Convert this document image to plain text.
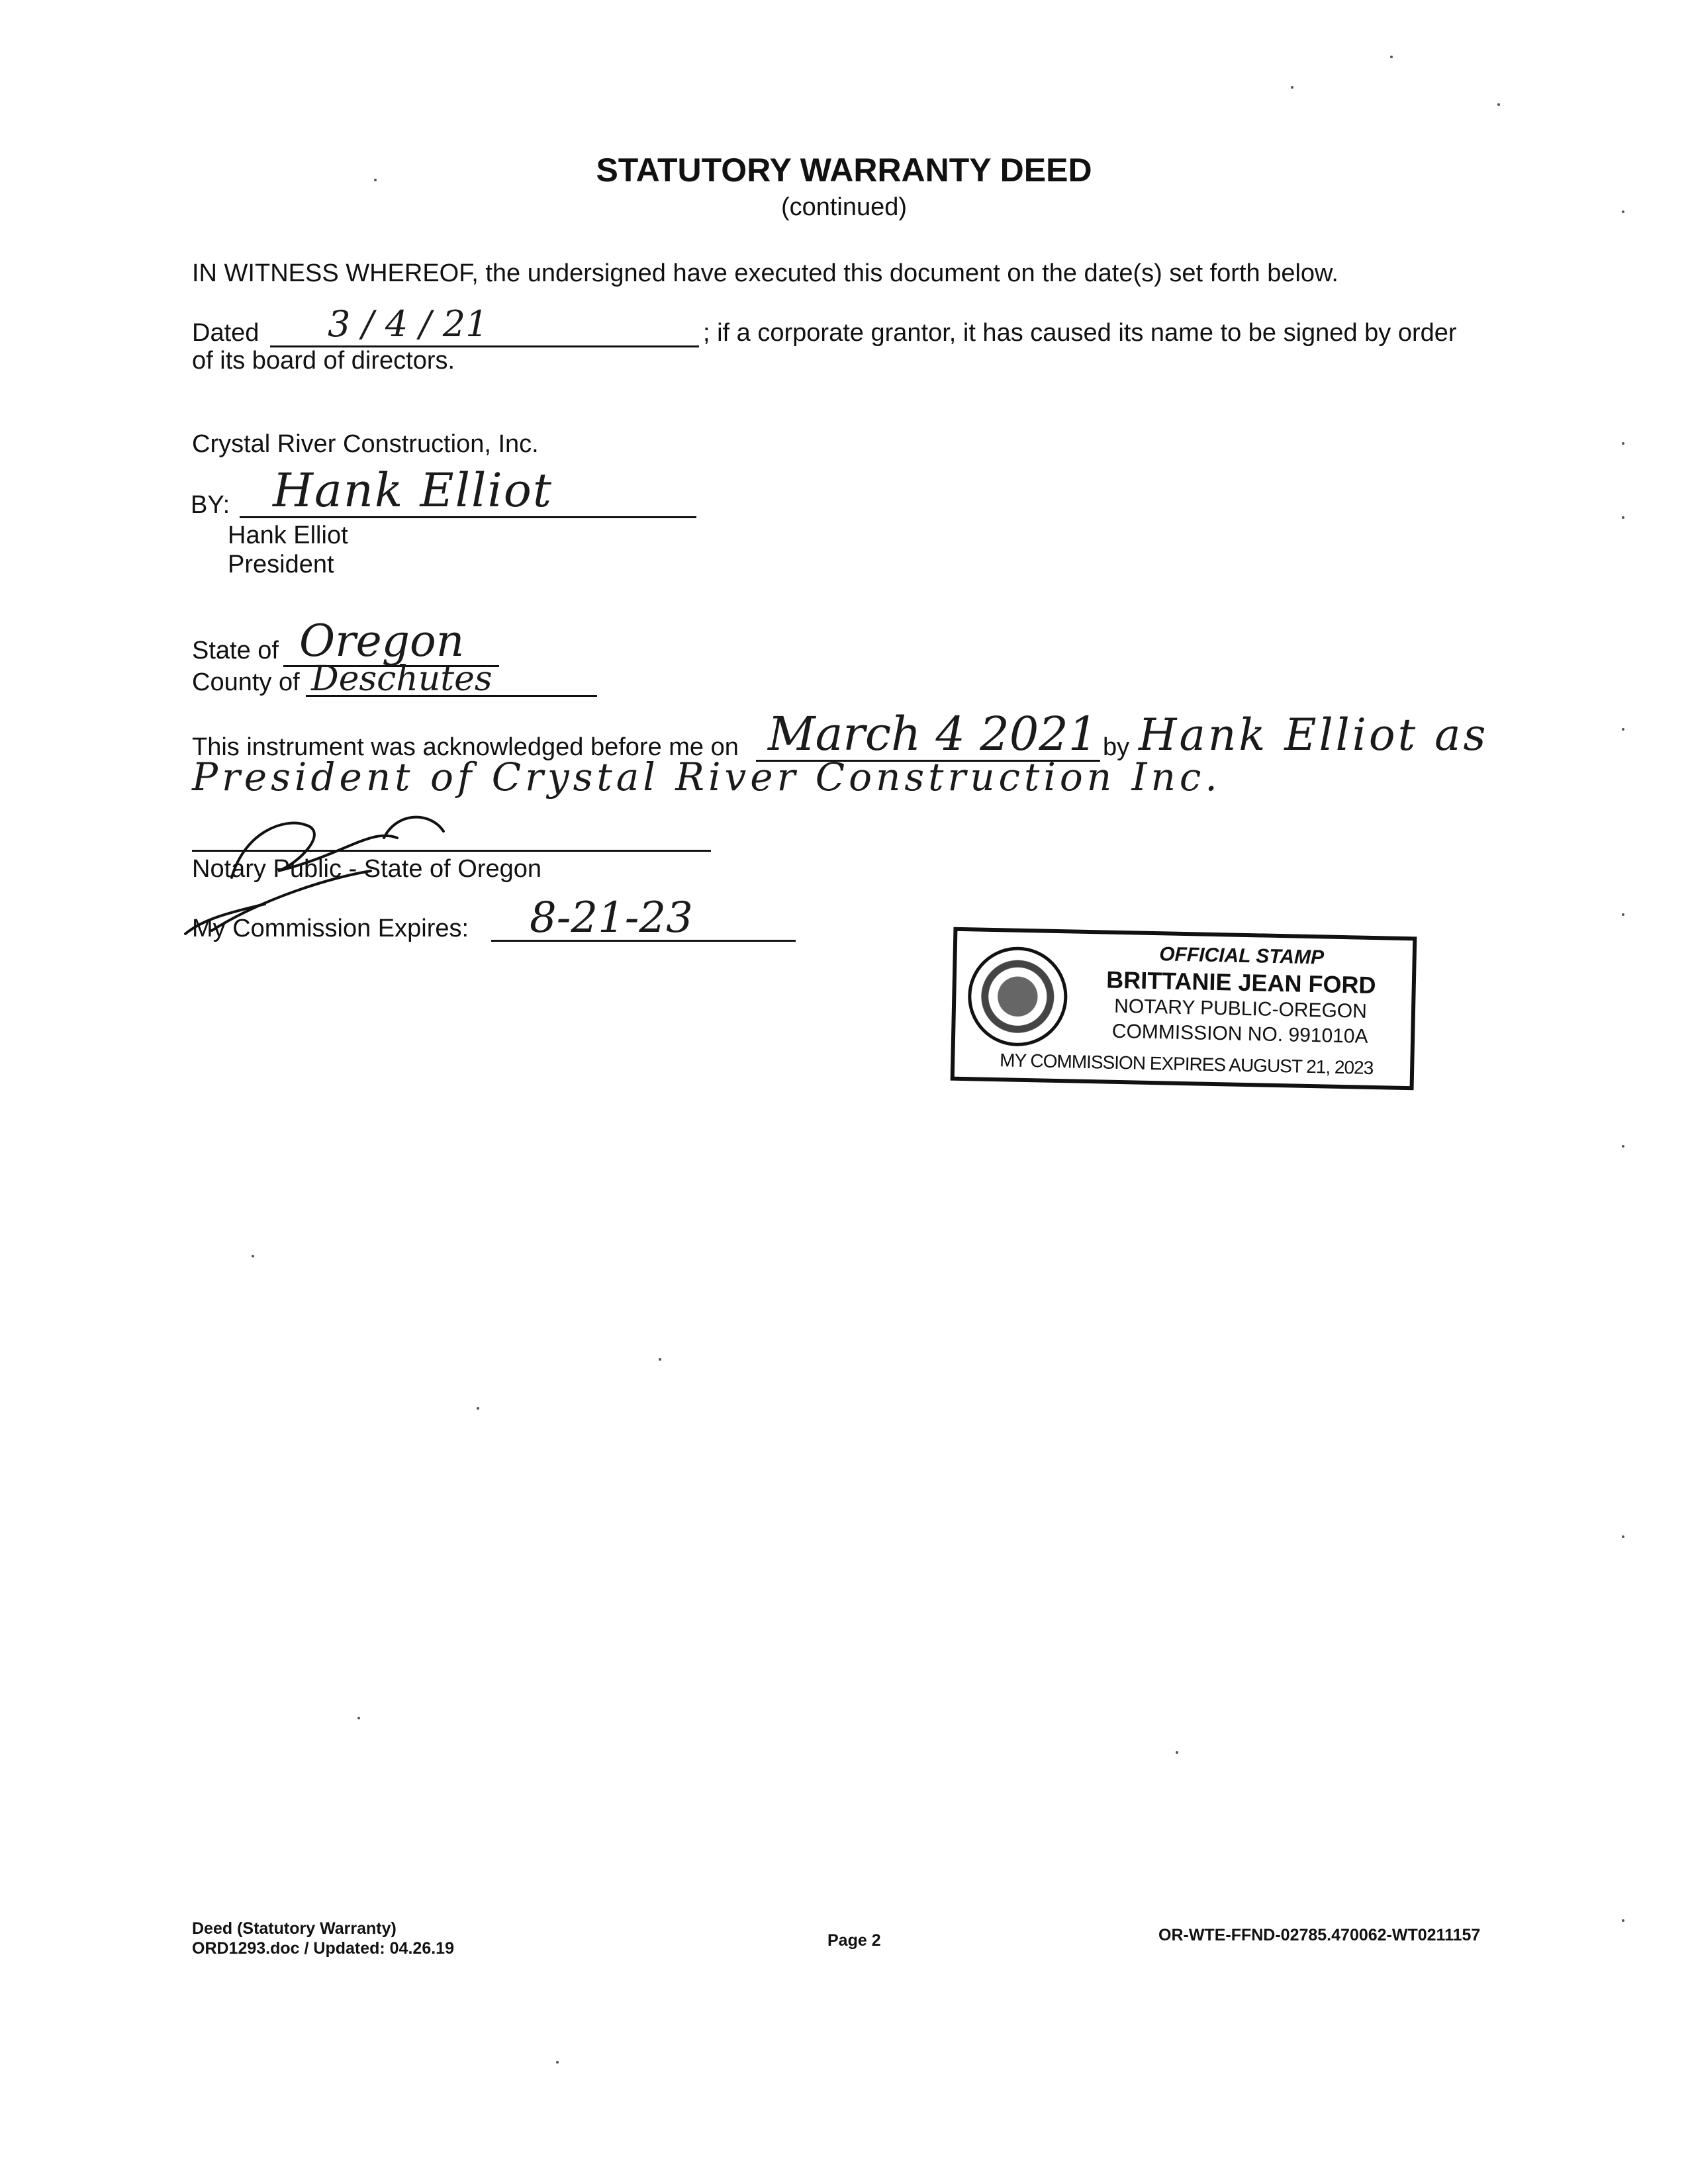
STATUTORY WARRANTY DEED
(continued)
IN WITNESS WHEREOF, the undersigned have executed this document on the date(s) set forth below.
Dated 3 / 4 / 21	; if a corporate grantor, it has caused its name to be signed by order
of its board of directors.
Crystal River Construction, Inc.
BY: Hank Elliot
Hank Elliot
President
State of Oregon
County of Deschutes
This instrument was acknowledged before me on March 4 2021 by Hank Elliot as
President of Crystal River Construction Inc.
Notary Public - State of Oregon
My Commission Expires: 8-21-23
OFFICIAL STAMP
BRITTANIE JEAN FORD
NOTARY PUBLIC-OREGON
COMMISSION NO. 991010A
MY COMMISSION EXPIRES AUGUST 21, 2023
Deed (Statutory Warranty)
ORD1293.doc / Updated: 04.26.19	Page 2	OR-WTE-FFND-02785.470062-WT0211157
